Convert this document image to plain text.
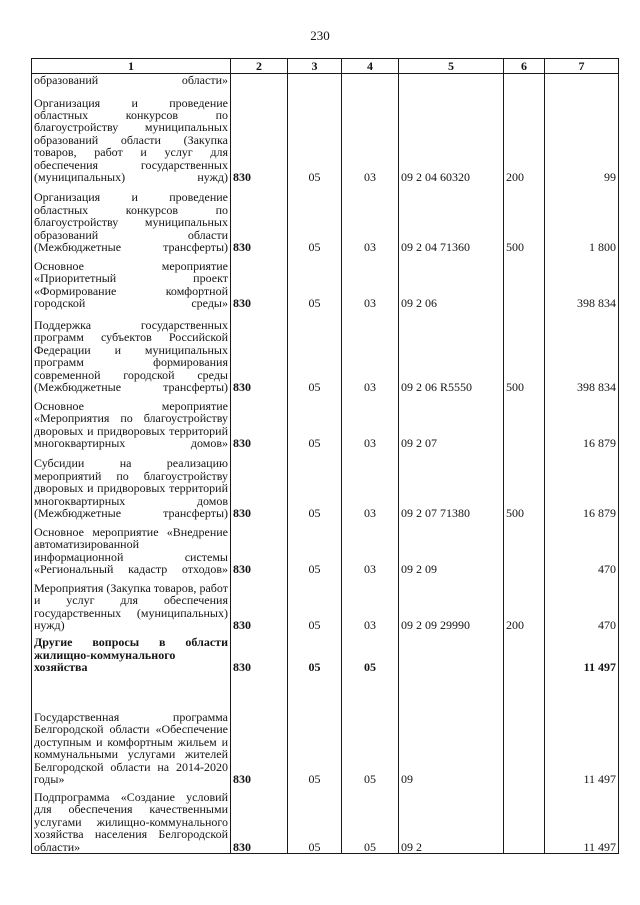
230
1	2	3	4	5	6	7
образований области»						
Организация и проведение областных конкурсов по благоустройству муниципальных образований области (Закупка товаров, работ и услуг для обеспечения государственных (муниципальных) нужд)	830	05	03	09 2 04 60320	200	99
Организация и проведение областных конкурсов по благоустройству муниципальных образований области (Межбюджетные трансферты)	830	05	03	09 2 04 71360	500	1 800
Основное мероприятие «Приоритетный проект «Формирование комфортной городской среды»	830	05	03	09 2 06		398 834
Поддержка государственных программ субъектов Российской Федерации и муниципальных программ формирования современной городской среды (Межбюджетные трансферты)	830	05	03	09 2 06 R5550	500	398 834
Основное мероприятие «Мероприятия по благоустройству дворовых и придворовых территорий многоквартирных домов»	830	05	03	09 2 07		16 879
Субсидии на реализацию мероприятий по благоустройству дворовых и придворовых территорий многоквартирных домов (Межбюджетные трансферты)	830	05	03	09 2 07 71380	500	16 879
Основное мероприятие «Внедрение автоматизированной информационной системы «Региональный кадастр отходов»	830	05	03	09 2 09		470
Мероприятия (Закупка товаров, работ и услуг для обеспечения государственных (муниципальных) нужд)	830	05	03	09 2 09 29990	200	470
Другие вопросы в области жилищно-коммунального хозяйства	830	05	05			11 497
Государственная программа Белгородской области «Обеспечение доступным и комфортным жильем и коммунальными услугами жителей Белгородской области на 2014-2020 годы»	830	05	05	09		11 497
Подпрограмма «Создание условий для обеспечения качественными услугами жилищно-коммунального хозяйства населения Белгородской области»	830	05	05	09 2		11 497
